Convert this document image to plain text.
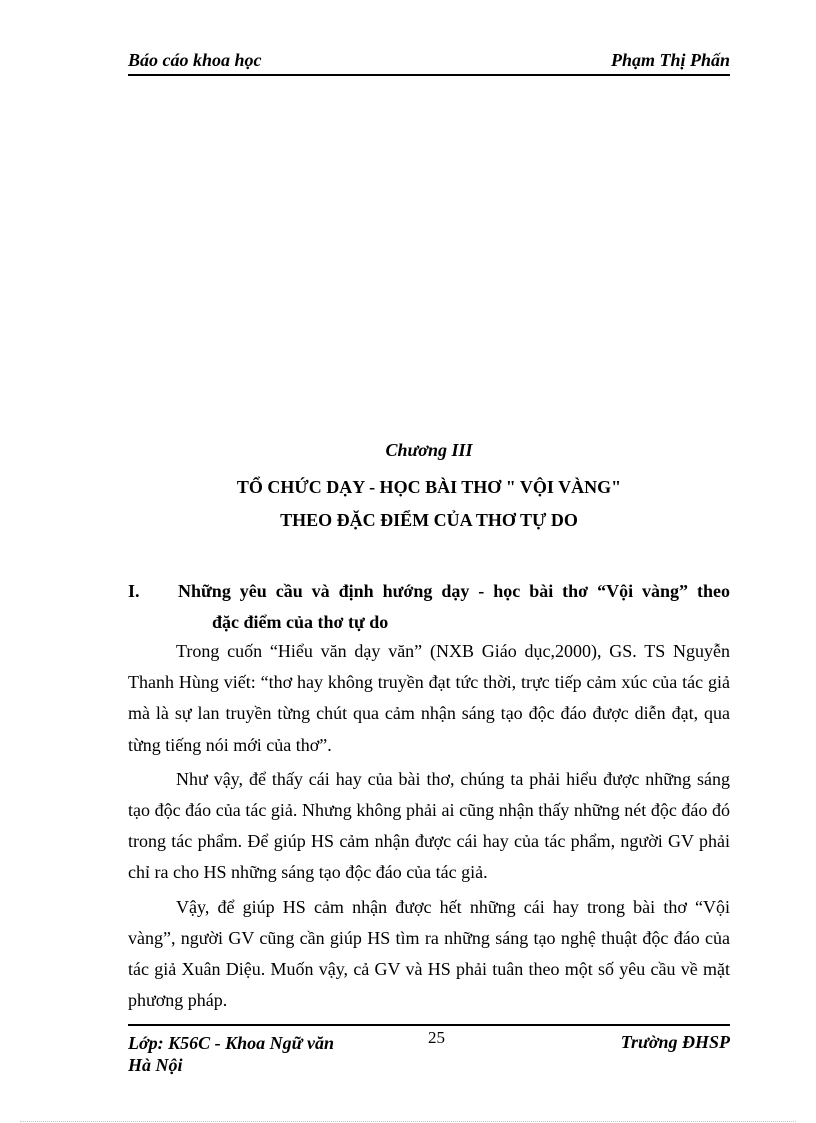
Báo cáo khoa học	Phạm Thị Phấn
Chương III
TỔ CHỨC DẠY - HỌC BÀI THƠ " VỘI VÀNG"
THEO ĐẶC ĐIỂM CỦA THƠ TỰ DO
I. Những yêu cầu và định hướng dạy - học bài thơ “Vội vàng” theo
đặc điểm của thơ tự do

Trong cuốn “Hiểu văn dạy văn” (NXB Giáo dục,2000), GS. TS Nguyễn Thanh Hùng viết: “thơ hay không truyền đạt tức thời, trực tiếp cảm xúc của tác giả mà là sự lan truyền từng chút qua cảm nhận sáng tạo độc đáo được diễn đạt, qua từng tiếng nói mới của thơ”.

Như vậy, để thấy cái hay của bài thơ, chúng ta phải hiểu được những sáng tạo độc đáo của tác giả. Nhưng không phải ai cũng nhận thấy những nét độc đáo đó trong tác phẩm. Để giúp HS cảm nhận được cái hay của tác phẩm, người GV phải chỉ ra cho HS những sáng tạo độc đáo của tác giả.

Vậy, để giúp HS cảm nhận được hết những cái hay trong bài thơ “Vội vàng”, người GV cũng cần giúp HS tìm ra những sáng tạo nghệ thuật độc đáo của tác giả Xuân Diệu. Muốn vậy, cả GV và HS phải tuân theo một số yêu cầu về mặt phương pháp.

Lớp: K56C - Khoa Ngữ văn
Hà Nội
25	Trường ĐHSP
